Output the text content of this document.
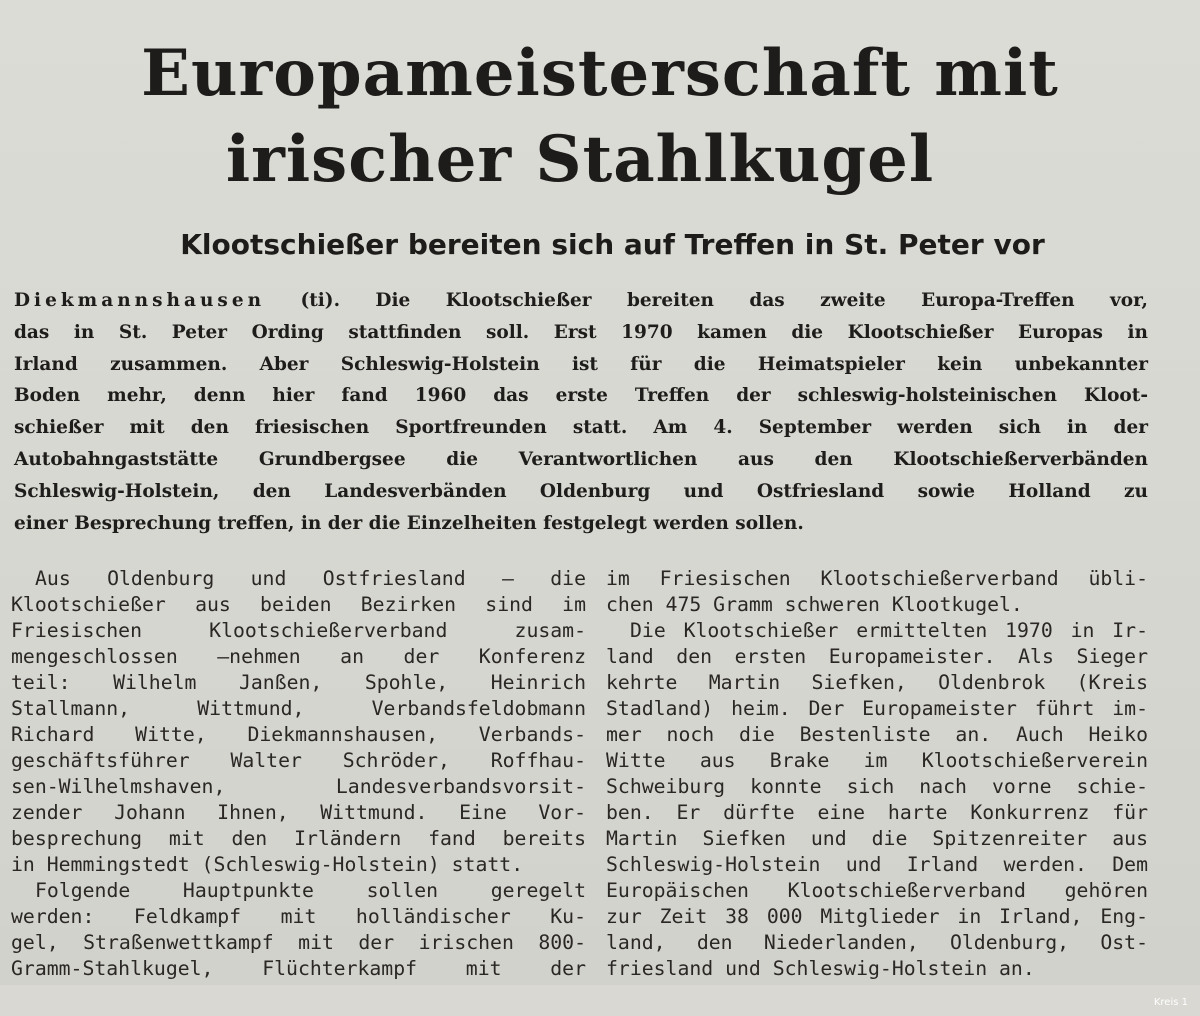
Europameisterschaft mit
irischer Stahlkugel
Klootschießer bereiten sich auf Treffen in St. Peter vor
Diekmannshausen (ti). Die Klootschießer bereiten das zweite Europa-Treffen vor,
das in St. Peter Ording stattfinden soll. Erst 1970 kamen die Klootschießer Europas in
Irland zusammen. Aber Schleswig-Holstein ist für die Heimatspieler kein unbekannter
Boden mehr, denn hier fand 1960 das erste Treffen der schleswig-holsteinischen Kloot-
schießer mit den friesischen Sportfreunden statt. Am 4. September werden sich in der
Autobahngaststätte Grundbergsee die Verantwortlichen aus den Klootschießerverbänden
Schleswig-Holstein, den Landesverbänden Oldenburg und Ostfriesland sowie Holland zu
einer Besprechung treffen, in der die Einzelheiten festgelegt werden sollen.
Aus Oldenburg und Ostfriesland — die
Klootschießer aus beiden Bezirken sind im
Friesischen Klootschießerverband zusam-
mengeschlossen —nehmen an der Konferenz
teil: Wilhelm Janßen, Spohle, Heinrich
Stallmann, Wittmund, Verbandsfeldobmann
Richard Witte, Diekmannshausen, Verbands-
geschäftsführer Walter Schröder, Roffhau-
sen-Wilhelmshaven, Landesverbandsvorsit-
zender Johann Ihnen, Wittmund. Eine Vor-
besprechung mit den Irländern fand bereits
in Hemmingstedt (Schleswig-Holstein) statt.
Folgende Hauptpunkte sollen geregelt
werden: Feldkampf mit holländischer Ku-
gel, Straßenwettkampf mit der irischen 800-
Gramm-Stahlkugel, Flüchterkampf mit der
im Friesischen Klootschießerverband übli-
chen 475 Gramm schweren Klootkugel.
Die Klootschießer ermittelten 1970 in Ir-
land den ersten Europameister. Als Sieger
kehrte Martin Siefken, Oldenbrok (Kreis
Stadland) heim. Der Europameister führt im-
mer noch die Bestenliste an. Auch Heiko
Witte aus Brake im Klootschießerverein
Schweiburg konnte sich nach vorne schie-
ben. Er dürfte eine harte Konkurrenz für
Martin Siefken und die Spitzenreiter aus
Schleswig-Holstein und Irland werden. Dem
Europäischen Klootschießerverband gehören
zur Zeit 38 000 Mitglieder in Irland, Eng-
land, den Niederlanden, Oldenburg, Ost-
friesland und Schleswig-Holstein an.
Kreis 1
